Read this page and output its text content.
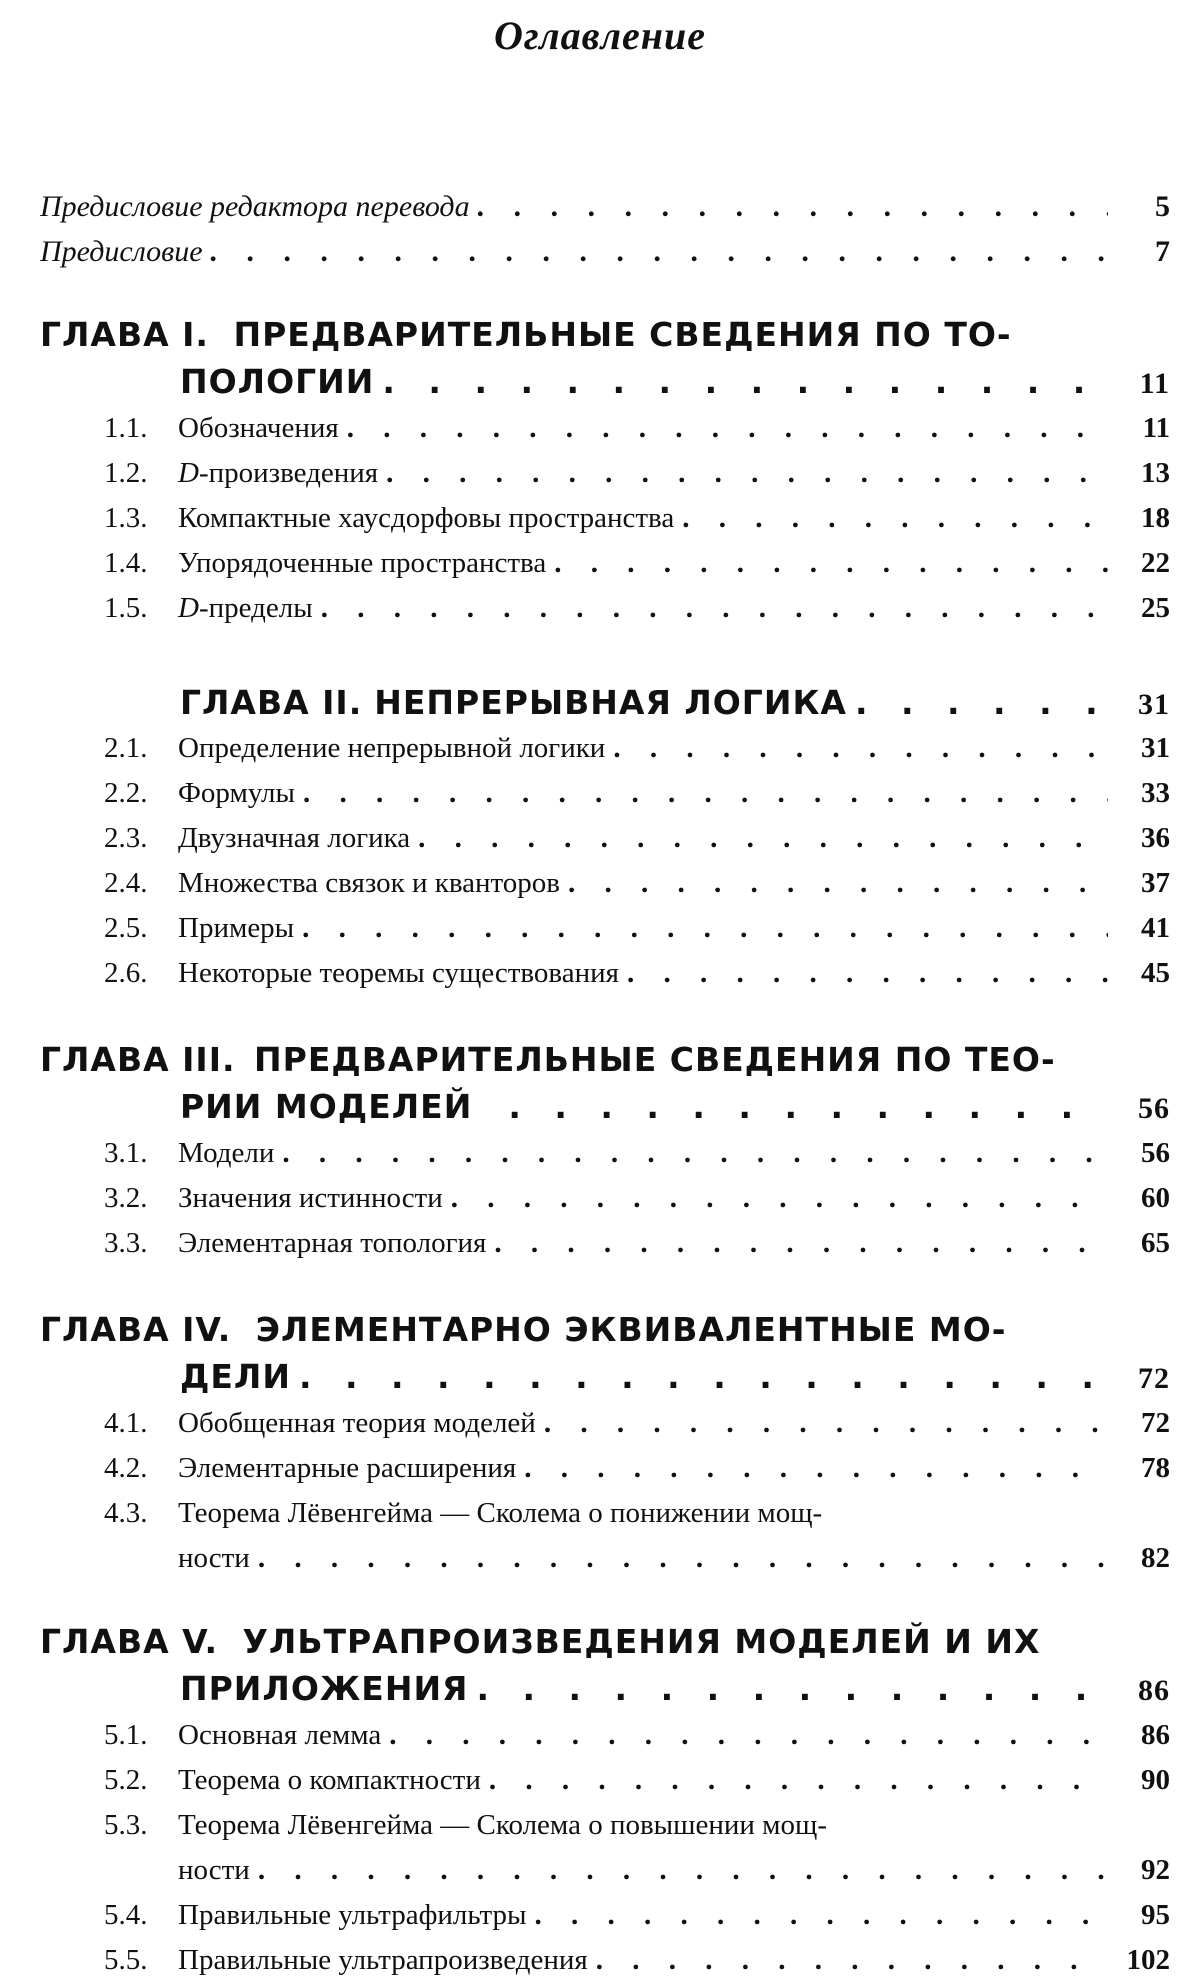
Оглавление
Предисловие редактора перевода . . .	5
Предисловие . . .	7
ГЛАВА I. ПРЕДВАРИТЕЛЬНЫЕ СВЕДЕНИЯ ПО ТО-
ПОЛОГИИ . . .	11
1.1. Обозначения . . .	11
1.2. D-произведения . . .	13
1.3. Компактные хаусдорфовы пространства . . .	18
1.4. Упорядоченные пространства . . .	22
1.5. D-пределы . . .	25
ГЛАВА II. НЕПРЕРЫВНАЯ ЛОГИКА . . .	31
2.1. Определение непрерывной логики . . .	31
2.2. Формулы . . .	33
2.3. Двузначная логика . . .	36
2.4. Множества связок и кванторов . . .	37
2.5. Примеры . . .	41
2.6. Некоторые теоремы существования . . .	45
ГЛАВА III. ПРЕДВАРИТЕЛЬНЫЕ СВЕДЕНИЯ ПО ТЕО-
РИИ МОДЕЛЕЙ . . .	56
3.1. Модели . . .	56
3.2. Значения истинности . . .	60
3.3. Элементарная топология . . .	65
ГЛАВА IV. ЭЛЕМЕНТАРНО ЭКВИВАЛЕНТНЫЕ МО-
ДЕЛИ . . .	72
4.1. Обобщенная теория моделей . . .	72
4.2. Элементарные расширения . . .	78
4.3. Теорема Лёвенгейма — Сколема о понижении мощ-
ности . . .	82
ГЛАВА V. УЛЬТРАПРОИЗВЕДЕНИЯ МОДЕЛЕЙ И ИХ
ПРИЛОЖЕНИЯ . . .	86
5.1. Основная лемма . . .	86
5.2. Теорема о компактности . . .	90
5.3. Теорема Лёвенгейма — Сколема о повышении мощ-
ности . . .	92
5.4. Правильные ультрафильтры . . .	95
5.5. Правильные ультрапроизведения . . .	102
